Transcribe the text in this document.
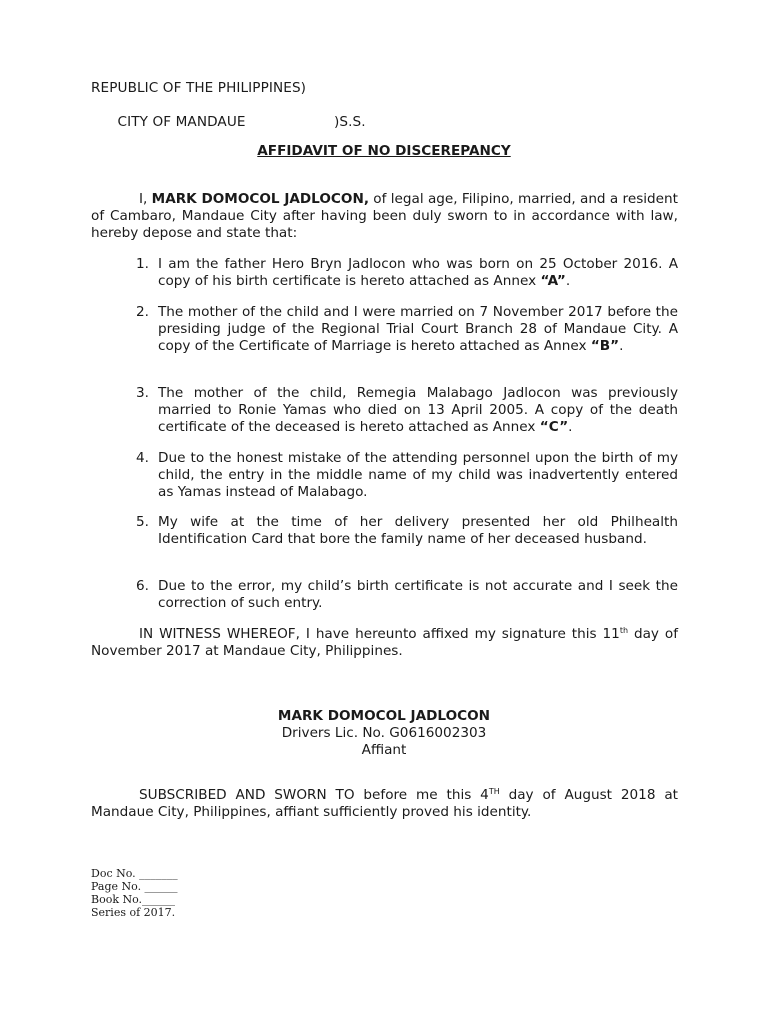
REPUBLIC OF THE PHILIPPINES)

CITY OF MANDAUE	)S.S.

AFFIDAVIT OF NO DISCEREPANCY
I, MARK DOMOCOL JADLOCON, of legal age, Filipino, married, and a resident of Cambaro, Mandaue City after having been duly sworn to in accordance with law, hereby depose and state that:
1. I am the father Hero Bryn Jadlocon who was born on 25 October 2016. A copy of his birth certificate is hereto attached as Annex “A”.
2. The mother of the child and I were married on 7 November 2017 before the presiding judge of the Regional Trial Court Branch 28 of Mandaue City. A copy of the Certificate of Marriage is hereto attached as Annex “B”.
3. The mother of the child, Remegia Malabago Jadlocon was previously married to Ronie Yamas who died on 13 April 2005. A copy of the death certificate of the deceased is hereto attached as Annex “C”.
4. Due to the honest mistake of the attending personnel upon the birth of my child, the entry in the middle name of my child was inadvertently entered as Yamas instead of Malabago.
5. My wife at the time of her delivery presented her old Philhealth Identification Card that bore the family name of her deceased husband.
6. Due to the error, my child’s birth certificate is not accurate and I seek the correction of such entry.
IN WITNESS WHEREOF, I have hereunto affixed my signature this 11th day of November 2017 at Mandaue City, Philippines.
MARK DOMOCOL JADLOCON
Drivers Lic. No. G0616002303
Affiant
SUBSCRIBED AND SWORN TO before me this 4TH day of August 2018 at Mandaue City, Philippines, affiant sufficiently proved his identity.
Doc No. _______
Page No. ______
Book No.______
Series of 2017.
